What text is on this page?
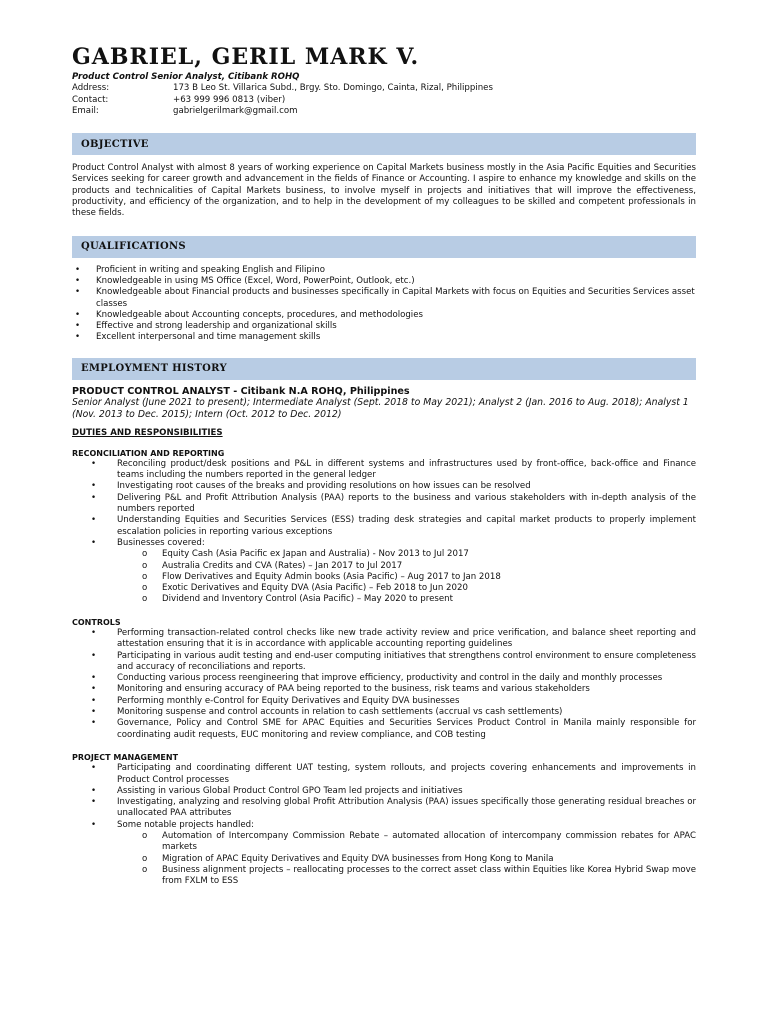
GABRIEL, GERIL MARK V.
Product Control Senior Analyst, Citibank ROHQ
Address:	173 B Leo St. Villarica Subd., Brgy. Sto. Domingo, Cainta, Rizal, Philippines
Contact:	+63 999 996 0813 (viber)
Email:	gabrielgerilmark@gmail.com
OBJECTIVE

Product Control Analyst with almost 8 years of working experience on Capital Markets business mostly in the Asia Pacific Equities and Securities Services seeking for career growth and advancement in the fields of Finance or Accounting. I aspire to enhance my knowledge and skills on the products and technicalities of Capital Markets business, to involve myself in projects and initiatives that will improve the effectiveness, productivity, and efficiency of the organization, and to help in the development of my colleagues to be skilled and competent professionals in these fields.

QUALIFICATIONS
• Proficient in writing and speaking English and Filipino
• Knowledgeable in using MS Office (Excel, Word, PowerPoint, Outlook, etc.)
• Knowledgeable about Financial products and businesses specifically in Capital Markets with focus on Equities and Securities Services asset classes
• Knowledgeable about Accounting concepts, procedures, and methodologies
• Effective and strong leadership and organizational skills
• Excellent interpersonal and time management skills
EMPLOYMENT HISTORY

PRODUCT CONTROL ANALYST - Citibank N.A ROHQ, Philippines

Senior Analyst (June 2021 to present); Intermediate Analyst (Sept. 2018 to May 2021); Analyst 2 (Jan. 2016 to Aug. 2018); Analyst 1 (Nov. 2013 to Dec. 2015); Intern (Oct. 2012 to Dec. 2012)

DUTIES AND RESPONSIBILITIES

RECONCILIATION AND REPORTING

• Reconciling product/desk positions and P&L in different systems and infrastructures used by front-office, back-office and Finance teams including the numbers reported in the general ledger
• Investigating root causes of the breaks and providing resolutions on how issues can be resolved
• Delivering P&L and Profit Attribution Analysis (PAA) reports to the business and various stakeholders with in-depth analysis of the numbers reported
• Understanding Equities and Securities Services (ESS) trading desk strategies and capital market products to properly implement escalation policies in reporting various exceptions
• Businesses covered:
o Equity Cash (Asia Pacific ex Japan and Australia) - Nov 2013 to Jul 2017
o Australia Credits and CVA (Rates) – Jan 2017 to Jul 2017
o Flow Derivatives and Equity Admin books (Asia Pacific) – Aug 2017 to Jan 2018
o Exotic Derivatives and Equity DVA (Asia Pacific) – Feb 2018 to Jun 2020
o Dividend and Inventory Control (Asia Pacific) – May 2020 to present

CONTROLS

• Performing transaction-related control checks like new trade activity review and price verification, and balance sheet reporting and attestation ensuring that it is in accordance with applicable accounting reporting guidelines
• Participating in various audit testing and end-user computing initiatives that strengthens control environment to ensure completeness and accuracy of reconciliations and reports.
• Conducting various process reengineering that improve efficiency, productivity and control in the daily and monthly processes
• Monitoring and ensuring accuracy of PAA being reported to the business, risk teams and various stakeholders
• Performing monthly e-Control for Equity Derivatives and Equity DVA businesses
• Monitoring suspense and control accounts in relation to cash settlements (accrual vs cash settlements)
• Governance, Policy and Control SME for APAC Equities and Securities Services Product Control in Manila mainly responsible for coordinating audit requests, EUC monitoring and review compliance, and COB testing

PROJECT MANAGEMENT

• Participating and coordinating different UAT testing, system rollouts, and projects covering enhancements and improvements in Product Control processes
• Assisting in various Global Product Control GPO Team led projects and initiatives
• Investigating, analyzing and resolving global Profit Attribution Analysis (PAA) issues specifically those generating residual breaches or unallocated PAA attributes
• Some notable projects handled:
o Automation of Intercompany Commission Rebate – automated allocation of intercompany commission rebates for APAC markets
o Migration of APAC Equity Derivatives and Equity DVA businesses from Hong Kong to Manila
o Business alignment projects – reallocating processes to the correct asset class within Equities like Korea Hybrid Swap move from FXLM to ESS
